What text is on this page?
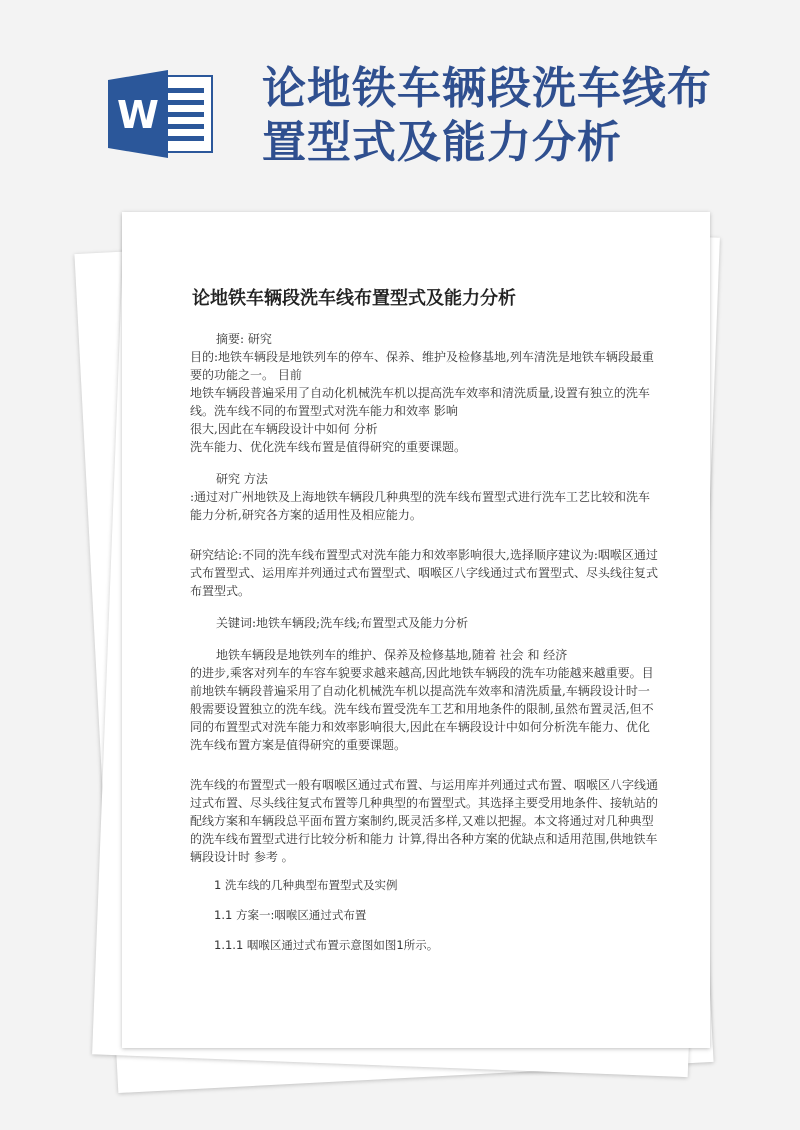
W
论地铁车辆段洗车线布
置型式及能力分析
论地铁车辆段洗车线布置型式及能力分析

摘要: 研究

目的:地铁车辆段是地铁列车的停车、保养、维护及检修基地,列车清洗是地铁车辆段最重要的功能之一。 目前

地铁车辆段普遍采用了自动化机械洗车机以提高洗车效率和清洗质量,设置有独立的洗车线。洗车线不同的布置型式对洗车能力和效率 影响

很大,因此在车辆段设计中如何 分析

洗车能力、优化洗车线布置是值得研究的重要课题。

研究 方法

:通过对广州地铁及上海地铁车辆段几种典型的洗车线布置型式进行洗车工艺比较和洗车能力分析,研究各方案的适用性及相应能力。

研究结论:不同的洗车线布置型式对洗车能力和效率影响很大,选择顺序建议为:咽喉区通过式布置型式、运用库并列通过式布置型式、咽喉区八字线通过式布置型式、尽头线往复式布置型式。

关键词:地铁车辆段;洗车线;布置型式及能力分析

地铁车辆段是地铁列车的维护、保养及检修基地,随着 社会 和 经济

的进步,乘客对列车的车容车貌要求越来越高,因此地铁车辆段的洗车功能越来越重要。目前地铁车辆段普遍采用了自动化机械洗车机以提高洗车效率和清洗质量,车辆段设计时一般需要设置独立的洗车线。洗车线布置受洗车工艺和用地条件的限制,虽然布置灵活,但不同的布置型式对洗车能力和效率影响很大,因此在车辆段设计中如何分析洗车能力、优化洗车线布置方案是值得研究的重要课题。

洗车线的布置型式一般有咽喉区通过式布置、与运用库并列通过式布置、咽喉区八字线通过式布置、尽头线往复式布置等几种典型的布置型式。其选择主要受用地条件、接轨站的配线方案和车辆段总平面布置方案制约,既灵活多样,又难以把握。本文将通过对几种典型的洗车线布置型式进行比较分析和能力 计算,得出各种方案的优缺点和适用范围,供地铁车辆段设计时 参考 。

1 洗车线的几种典型布置型式及实例

1.1 方案一:咽喉区通过式布置

1.1.1 咽喉区通过式布置示意图如图1所示。
